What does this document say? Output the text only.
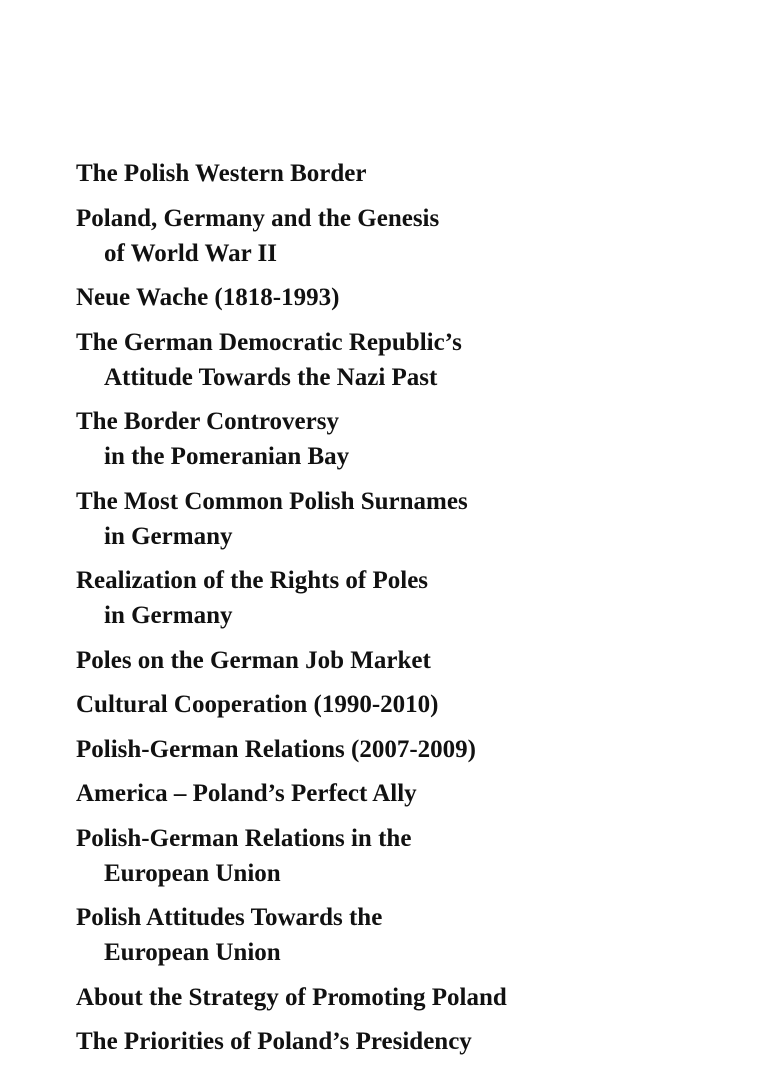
The Polish Western Border
Poland, Germany and the Genesis
of World War II
Neue Wache (1818-1993)
The German Democratic Republic’s
Attitude Towards the Nazi Past
The Border Controversy
in the Pomeranian Bay
The Most Common Polish Surnames
in Germany
Realization of the Rights of Poles
in Germany
Poles on the German Job Market
Cultural Cooperation (1990-2010)
Polish-German Relations (2007-2009)
America – Poland’s Perfect Ally
Polish-German Relations in the
European Union
Polish Attitudes Towards the
European Union
About the Strategy of Promoting Poland
The Priorities of Poland’s Presidency
